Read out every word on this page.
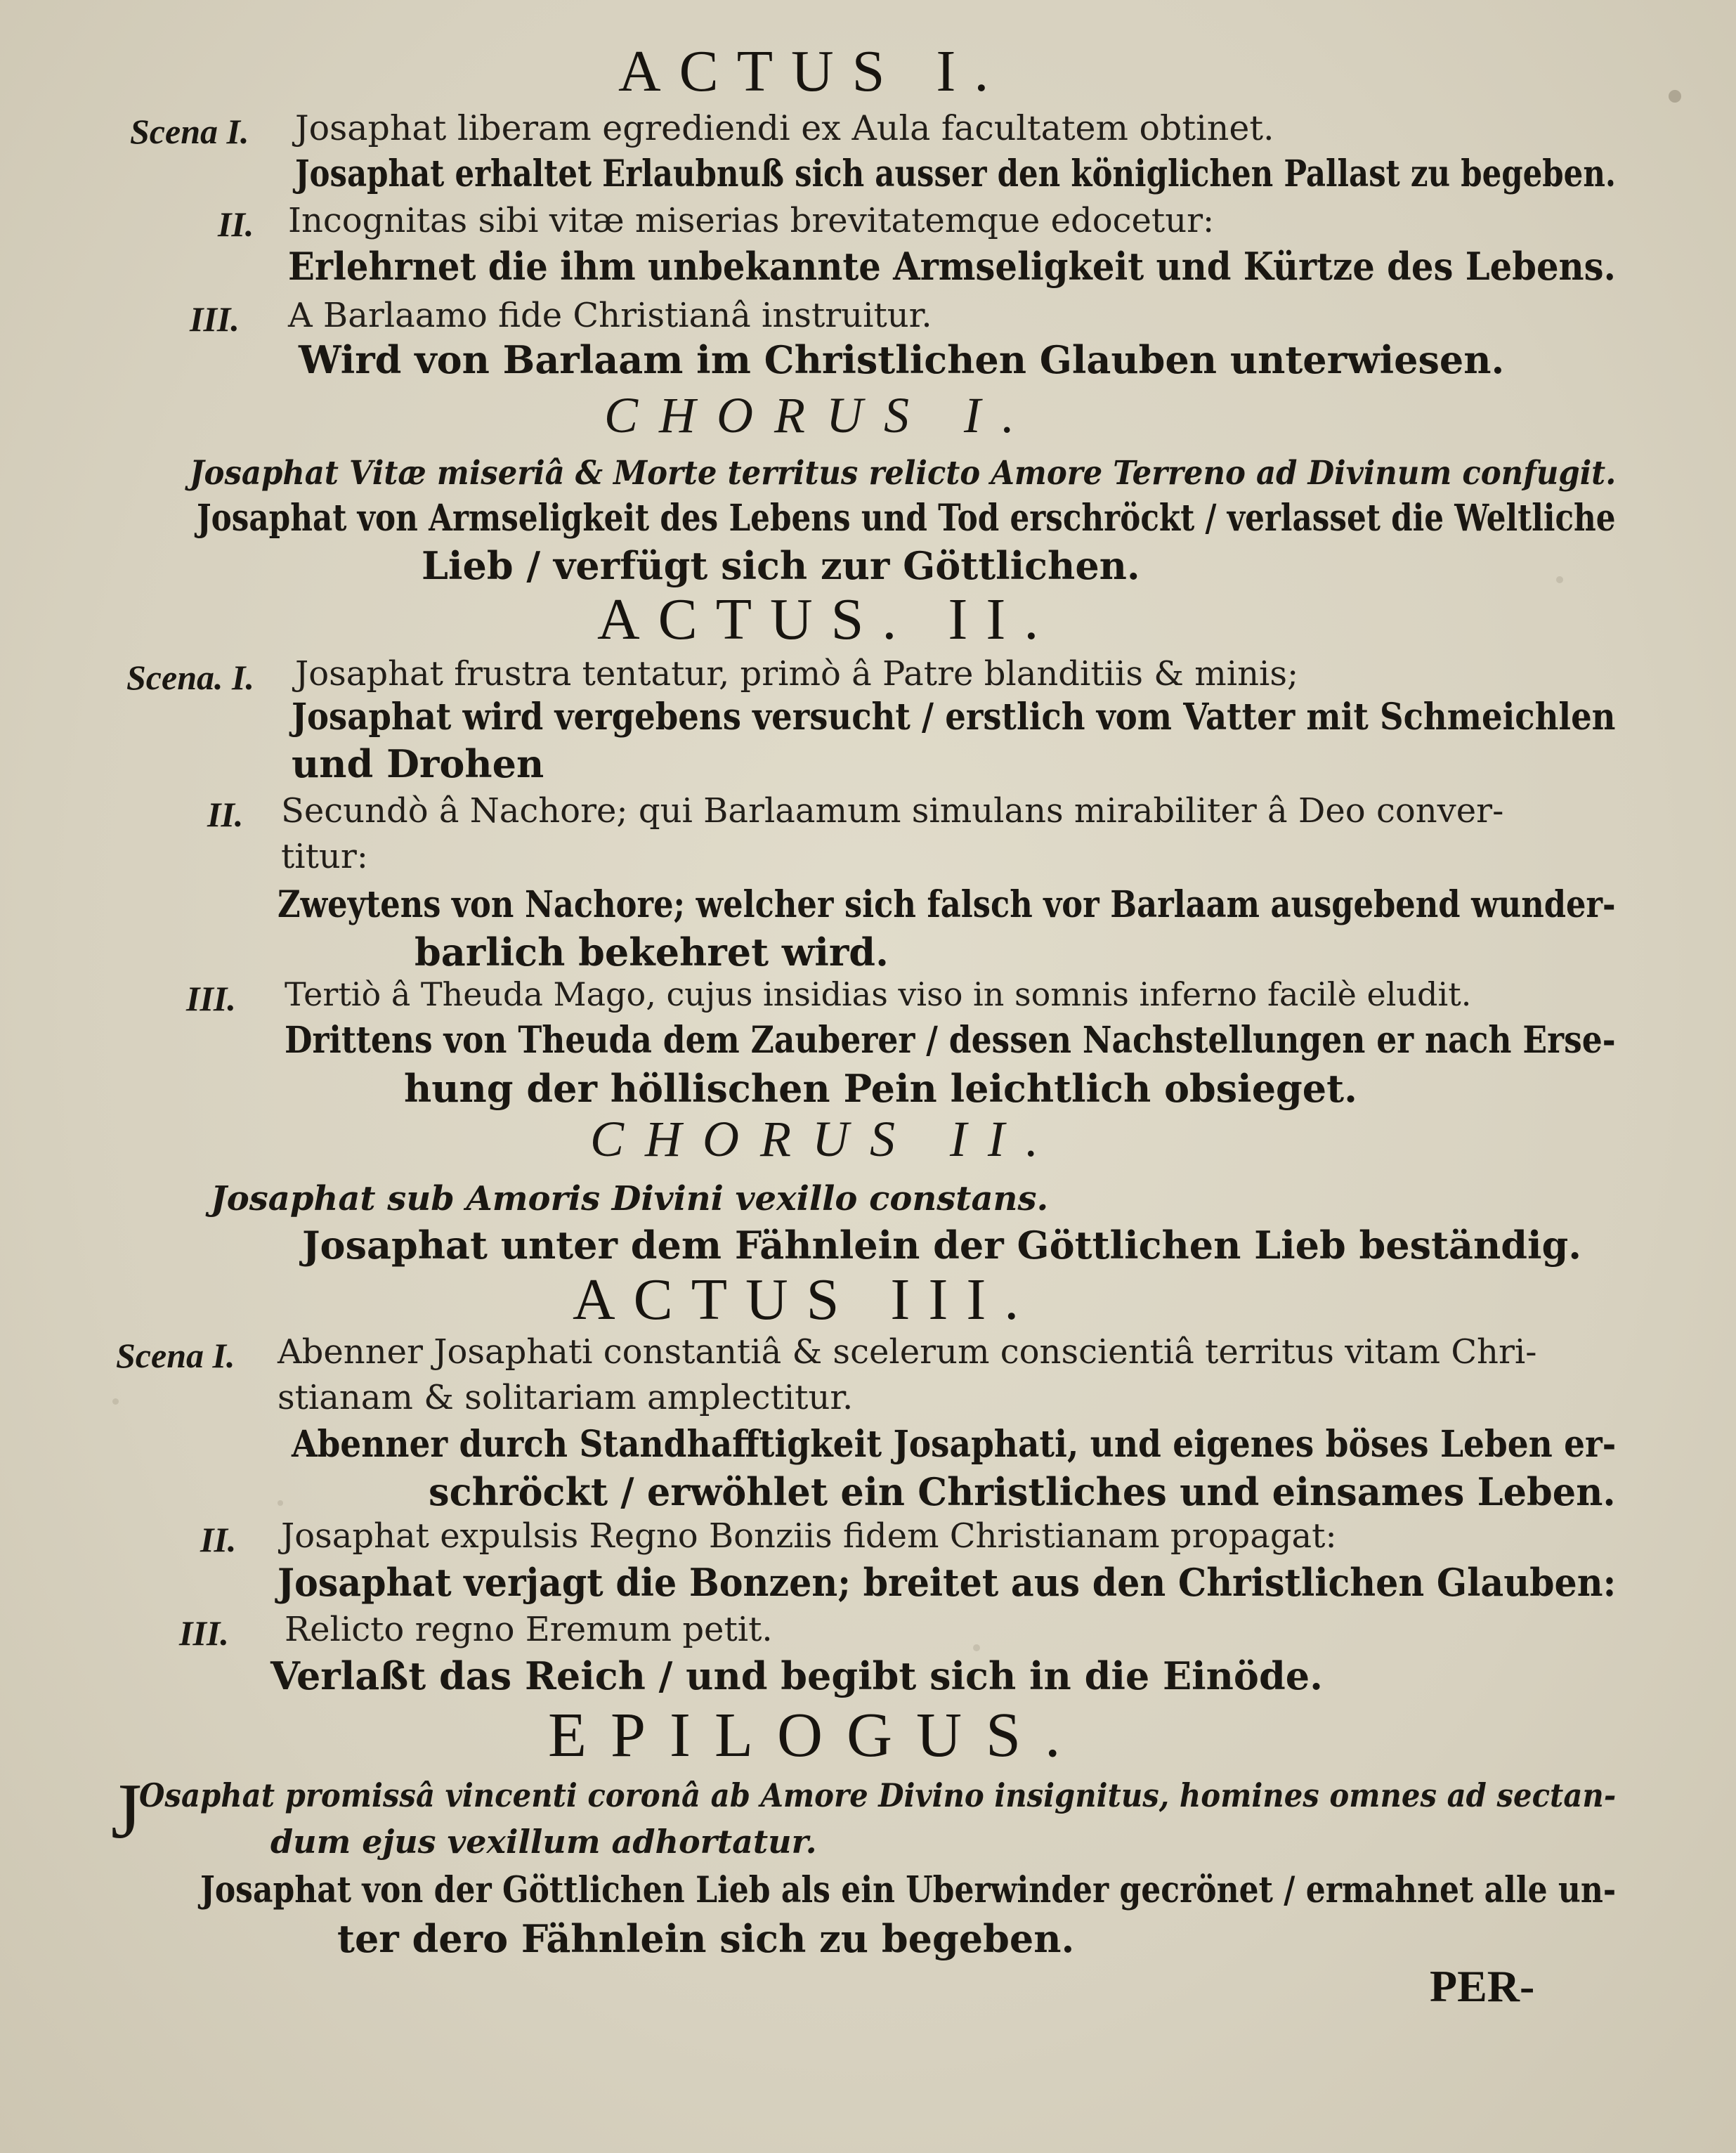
ACTUS I.
Scena I. Josaphat liberam egrediendi ex Aula facultatem obtinet.
Josaphat erhaltet Erlaubnuß sich ausser den königlichen Pallast zu begeben.
II. Incognitas sibi vitæ miserias brevitatemque edocetur:
Erlehrnet die ihm unbekannte Armseligkeit und Kürtze des Lebens.
III. A Barlaamo fide Christianâ instruitur.
Wird von Barlaam im Christlichen Glauben unterwiesen.
CHORUS I.
Josaphat Vitæ miseriâ & Morte territus relicto Amore Terreno ad Divinum confugit.
Josaphat von Armseligkeit des Lebens und Tod erschröckt / verlasset die Weltliche
Lieb / verfügt sich zur Göttlichen.
ACTUS. II.
Scena. I. Josaphat frustra tentatur, primò â Patre blanditiis & minis;
Josaphat wird vergebens versucht / erstlich vom Vatter mit Schmeichlen
und Drohen
II. Secundò â Nachore; qui Barlaamum simulans mirabiliter â Deo conver-
titur:
Zweytens von Nachore; welcher sich falsch vor Barlaam ausgebend wunder-
barlich bekehret wird.
III. Tertiò â Theuda Mago, cujus insidias viso in somnis inferno facilè eludit.
Drittens von Theuda dem Zauberer / dessen Nachstellungen er nach Erse-
hung der höllischen Pein leichtlich obsieget.
CHORUS II.
Josaphat sub Amoris Divini vexillo constans.
Josaphat unter dem Fähnlein der Göttlichen Lieb beständig.
ACTUS III.
Scena I. Abenner Josaphati constantiâ & scelerum conscientiâ territus vitam Chri-
stianam & solitariam amplectitur.
Abenner durch Standhafftigkeit Josaphati, und eigenes böses Leben er-
schröckt / erwöhlet ein Christliches und einsames Leben.
II. Josaphat expulsis Regno Bonziis fidem Christianam propagat:
Josaphat verjagt die Bonzen; breitet aus den Christlichen Glauben:
III. Relicto regno Eremum petit.
Verlaßt das Reich / und begibt sich in die Einöde.
EPILOGUS.
J
Osaphat promissâ vincenti coronâ ab Amore Divino insignitus, homines omnes ad sectan-
dum ejus vexillum adhortatur.
Josaphat von der Göttlichen Lieb als ein Uberwinder gecrönet / ermahnet alle un-
ter dero Fähnlein sich zu begeben.
PER-
